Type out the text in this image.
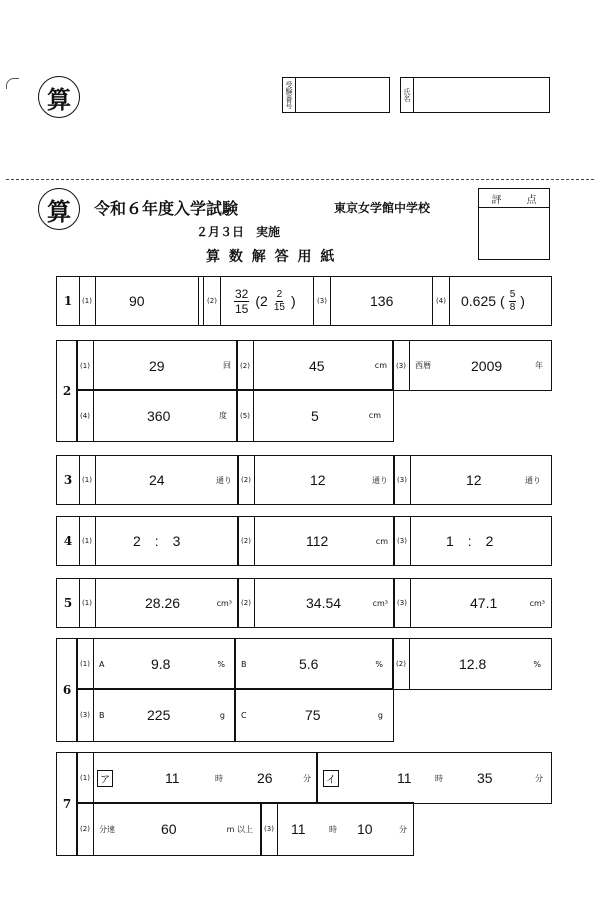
算	受験番号	氏名
算	令和６年度入学試験	東京女学館中学校
２月３日　実施
算 数 解 答 用 紙
評	点
1	(1)	90	(2)	$\frac{32}{15} (2 \frac{2}{15}$ )	(3)	136	(4) 0.625 ( $\frac{5}{8}$ )
2
(1)	29	回	(2)	45	cm	(3)	西暦	2009	年
(4)	360	度	(5)	5	cm
3	(1)	24	通り	(2)	12	通り	(3)	12	通り
4	(1)	2　:　3	(2)	112	cm	(3)	1　:　2
5	(1)	28.26	cm³	(2)	34.54	cm³	(3)	47.1	cm³
6
(1)	A	9.8	% B	5.6	%	(2)	12.8	%
(3)	B	225	g C	75	g
7
(1)	ア	11	時 26	分	イ	11	時 35	分
(2)	分速	60	m 以上	(3) 11	時 10	分
